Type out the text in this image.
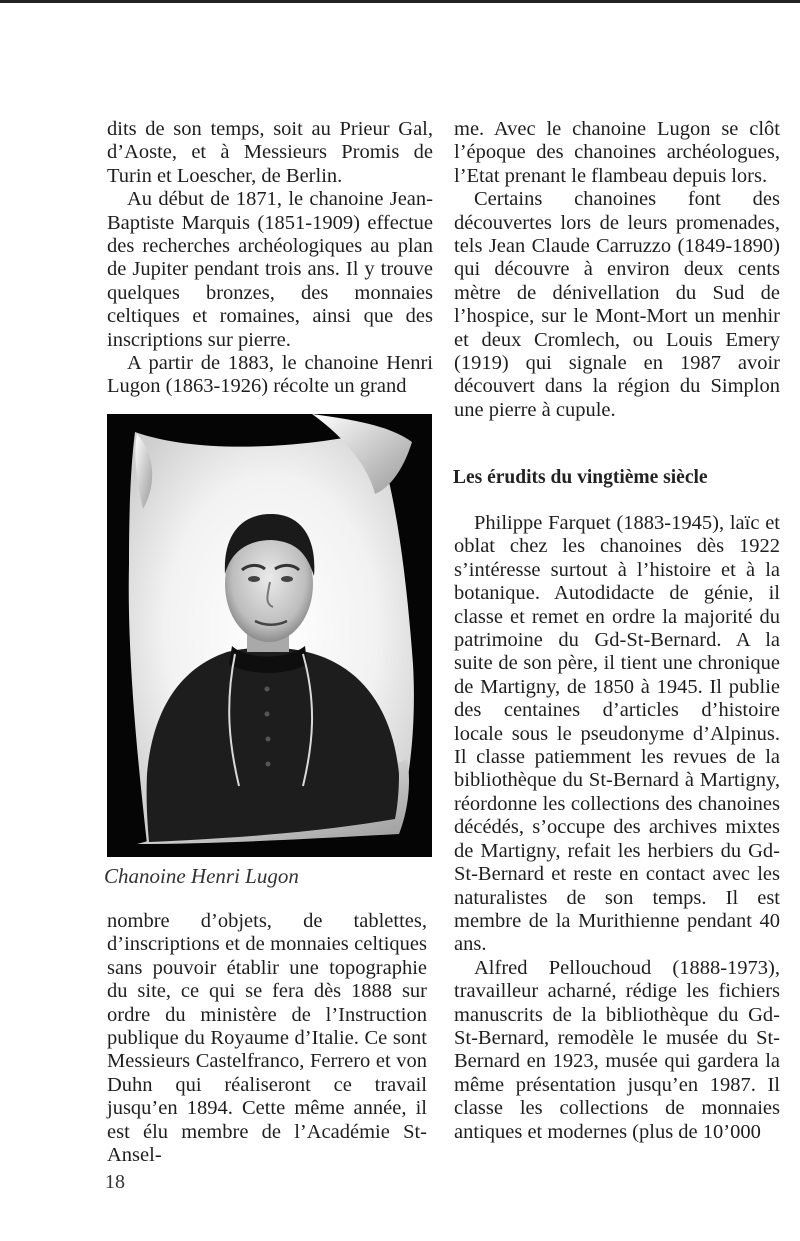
dits de son temps, soit au Prieur Gal, d’Aoste, et à Messieurs Promis de Turin et Loescher, de Berlin.

Au début de 1871, le chanoine Jean-Baptiste Marquis (1851-1909) effectue des recherches archéologiques au plan de Jupiter pendant trois ans. Il y trouve quelques bronzes, des monnaies celtiques et romaines, ainsi que des inscriptions sur pierre.

A partir de 1883, le chanoine Henri Lugon (1863-1926) récolte un grand

Chanoine Henri Lugon

nombre d’objets, de tablettes, d’inscriptions et de monnaies celtiques sans pouvoir établir une topographie du site, ce qui se fera dès 1888 sur ordre du ministère de l’Instruction publique du Royaume d’Italie. Ce sont Messieurs Castelfranco, Ferrero et von Duhn qui réaliseront ce travail jusqu’en 1894. Cette même année, il est élu membre de l’Académie St-Ansel-

me. Avec le chanoine Lugon se clôt l’époque des chanoines archéologues, l’Etat prenant le flambeau depuis lors.

Certains chanoines font des découvertes lors de leurs promenades, tels Jean Claude Carruzzo (1849-1890) qui découvre à environ deux cents mètre de dénivellation du Sud de l’hospice, sur le Mont-Mort un menhir et deux Cromlech, ou Louis Emery (1919) qui signale en 1987 avoir découvert dans la région du Simplon une pierre à cupule.

Les érudits du vingtième siècle

Philippe Farquet (1883-1945), laïc et oblat chez les chanoines dès 1922 s’intéresse surtout à l’histoire et à la botanique. Autodidacte de génie, il classe et remet en ordre la majorité du patrimoine du Gd-St-Bernard. A la suite de son père, il tient une chronique de Martigny, de 1850 à 1945. Il publie des centaines d’articles d’histoire locale sous le pseudonyme d’Alpinus. Il classe patiemment les revues de la bibliothèque du St-Bernard à Martigny, réordonne les collections des chanoines décédés, s’occupe des archives mixtes de Martigny, refait les herbiers du Gd-St-Bernard et reste en contact avec les naturalistes de son temps. Il est membre de la Murithienne pendant 40 ans.

Alfred Pellouchoud (1888-1973), travailleur acharné, rédige les fichiers manuscrits de la bibliothèque du Gd-St-Bernard, remodèle le musée du St-Bernard en 1923, musée qui gardera la même présentation jusqu’en 1987. Il classe les collections de monnaies antiques et modernes (plus de 10’000

18
